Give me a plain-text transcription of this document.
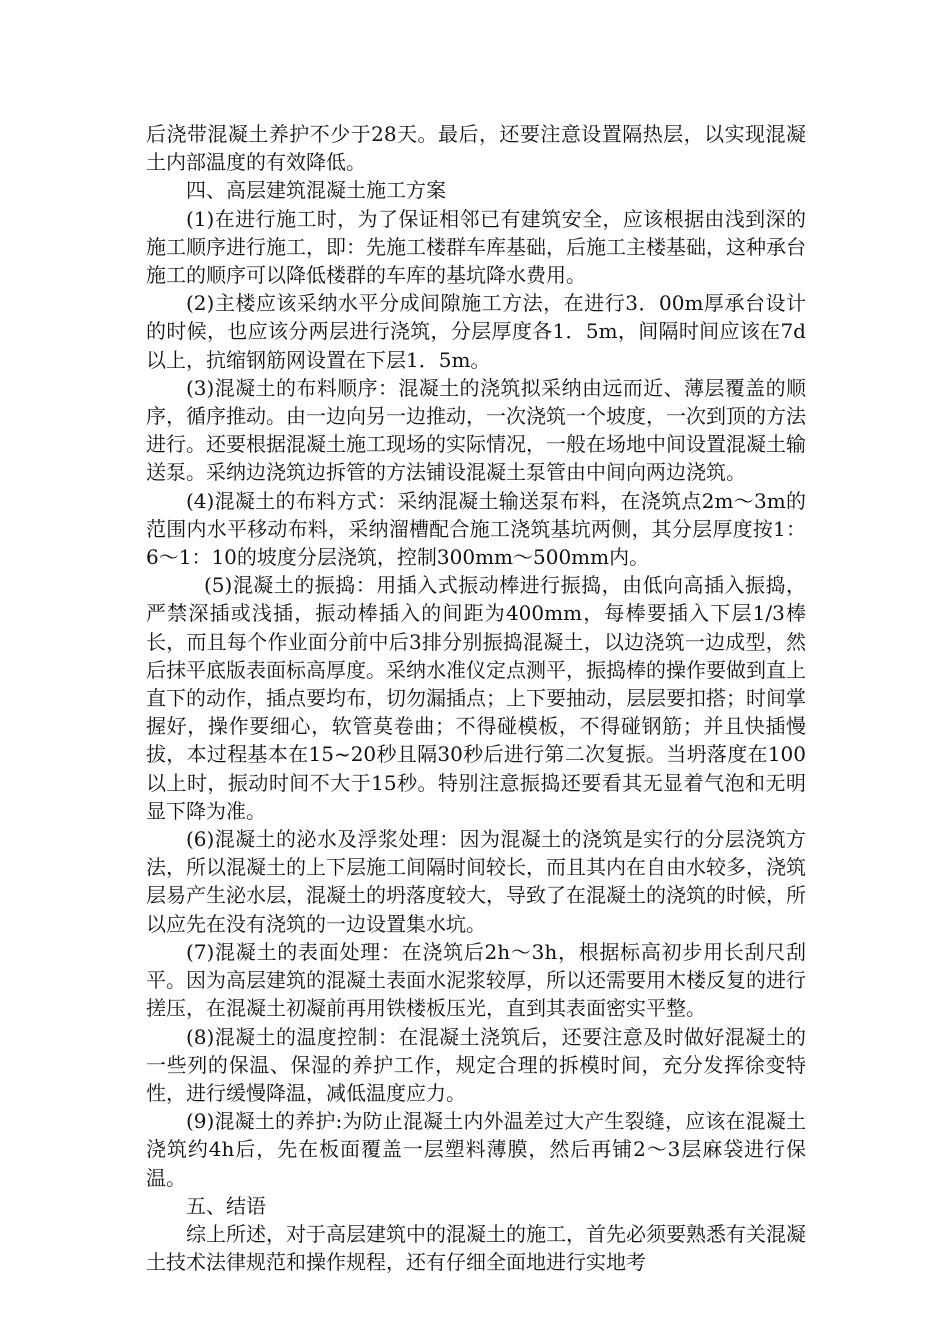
后浇带混凝土养护不少于28天。最后，还要注意设置隔热层，以实现混凝土内部温度的有效降低。

四、高层建筑混凝土施工方案

(1)在进行施工时，为了保证相邻已有建筑安全，应该根据由浅到深的施工顺序进行施工，即：先施工楼群车库基础，后施工主楼基础，这种承台施工的顺序可以降低楼群的车库的基坑降水费用。

(2)主楼应该采纳水平分成间隙施工方法，在进行3．00m厚承台设计的时候，也应该分两层进行浇筑，分层厚度各1．5m，间隔时间应该在7d以上，抗缩钢筋网设置在下层1．5m。

(3)混凝土的布料顺序：混凝土的浇筑拟采纳由远而近、薄层覆盖的顺序，循序推动。由一边向另一边推动，一次浇筑一个坡度，一次到顶的方法进行。还要根据混凝土施工现场的实际情况，一般在场地中间设置混凝土输送泵。采纳边浇筑边拆管的方法铺设混凝土泵管由中间向两边浇筑。

(4)混凝土的布料方式：采纳混凝土输送泵布料，在浇筑点2m～3m的范围内水平移动布料，采纳溜槽配合施工浇筑基坑两侧，其分层厚度按1：6～1：10的坡度分层浇筑，控制300mm～500mm内。

(5)混凝土的振捣：用插入式振动棒进行振捣，由低向高插入振捣，严禁深插或浅插，振动棒插入的间距为400mm，每棒要插入下层1/3棒长，而且每个作业面分前中后3排分别振捣混凝土，以边浇筑一边成型，然后抹平底版表面标高厚度。采纳水准仪定点测平，振捣棒的操作要做到直上直下的动作，插点要均布，切勿漏插点；上下要抽动，层层要扣搭；时间掌握好，操作要细心，软管莫卷曲；不得碰模板，不得碰钢筋；并且快插慢拔，本过程基本在15~20秒且隔30秒后进行第二次复振。当坍落度在100以上时，振动时间不大于15秒。特别注意振捣还要看其无显着气泡和无明显下降为准。

(6)混凝土的泌水及浮浆处理：因为混凝土的浇筑是实行的分层浇筑方法，所以混凝土的上下层施工间隔时间较长，而且其内在自由水较多，浇筑层易产生泌水层，混凝土的坍落度较大，导致了在混凝土的浇筑的时候，所以应先在没有浇筑的一边设置集水坑。

(7)混凝土的表面处理：在浇筑后2h～3h，根据标高初步用长刮尺刮平。因为高层建筑的混凝土表面水泥浆较厚，所以还需要用木楼反复的进行搓压，在混凝土初凝前再用铁楼板压光，直到其表面密实平整。

(8)混凝土的温度控制：在混凝土浇筑后，还要注意及时做好混凝土的一些列的保温、保湿的养护工作，规定合理的拆模时间，充分发挥徐变特性，进行缓慢降温，减低温度应力。

(9)混凝土的养护:为防止混凝土内外温差过大产生裂缝，应该在混凝土浇筑约4h后，先在板面覆盖一层塑料薄膜，然后再铺2～3层麻袋进行保温。

五、结语

综上所述，对于高层建筑中的混凝土的施工，首先必须要熟悉有关混凝土技术法律规范和操作规程，还有仔细全面地进行实地考
